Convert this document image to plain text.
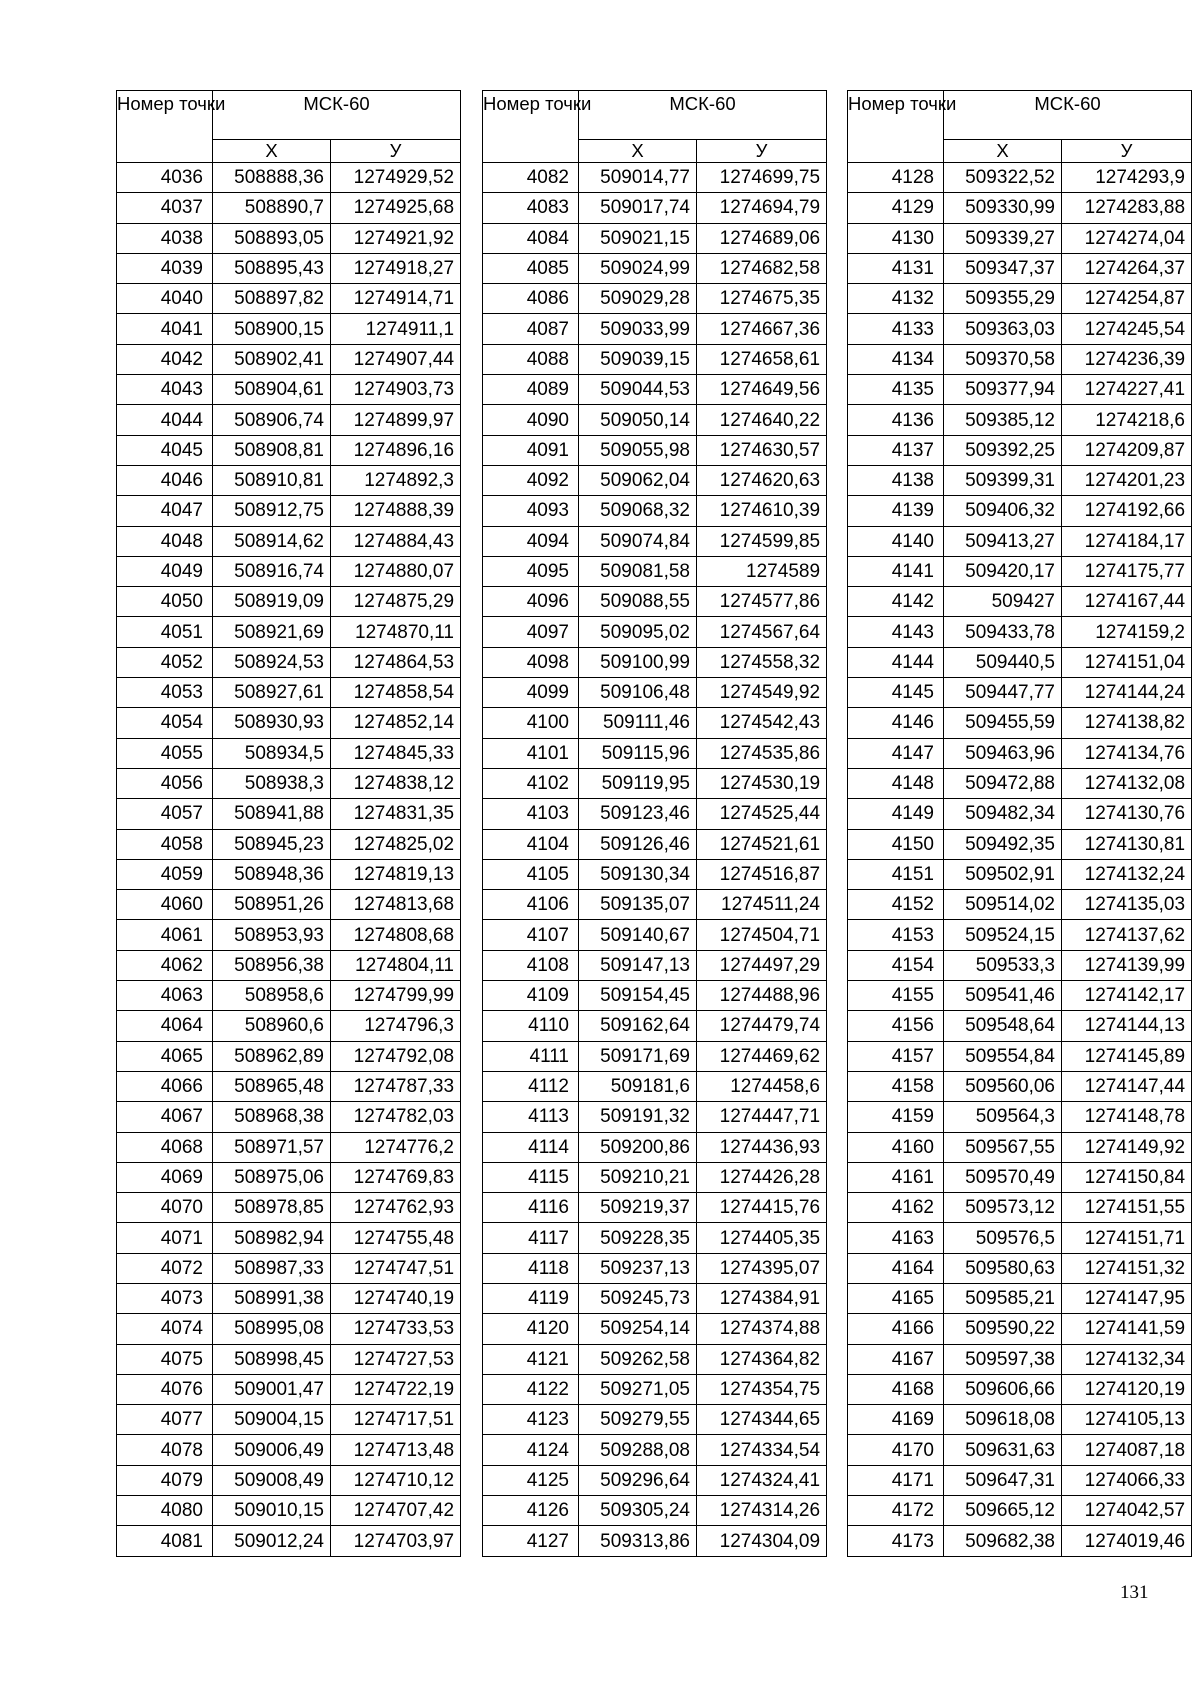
Номер точки	МСК-60	
	Х	У
4036	508888,36	1274929,52
4037	508890,7	1274925,68
4038	508893,05	1274921,92
4039	508895,43	1274918,27
4040	508897,82	1274914,71
4041	508900,15	1274911,1
4042	508902,41	1274907,44
4043	508904,61	1274903,73
4044	508906,74	1274899,97
4045	508908,81	1274896,16
4046	508910,81	1274892,3
4047	508912,75	1274888,39
4048	508914,62	1274884,43
4049	508916,74	1274880,07
4050	508919,09	1274875,29
4051	508921,69	1274870,11
4052	508924,53	1274864,53
4053	508927,61	1274858,54
4054	508930,93	1274852,14
4055	508934,5	1274845,33
4056	508938,3	1274838,12
4057	508941,88	1274831,35
4058	508945,23	1274825,02
4059	508948,36	1274819,13
4060	508951,26	1274813,68
4061	508953,93	1274808,68
4062	508956,38	1274804,11
4063	508958,6	1274799,99
4064	508960,6	1274796,3
4065	508962,89	1274792,08
4066	508965,48	1274787,33
4067	508968,38	1274782,03
4068	508971,57	1274776,2
4069	508975,06	1274769,83
4070	508978,85	1274762,93
4071	508982,94	1274755,48
4072	508987,33	1274747,51
4073	508991,38	1274740,19
4074	508995,08	1274733,53
4075	508998,45	1274727,53
4076	509001,47	1274722,19
4077	509004,15	1274717,51
4078	509006,49	1274713,48
4079	509008,49	1274710,12
4080	509010,15	1274707,42
4081	509012,24	1274703,97
Номер точки	МСК-60	
	Х	У
4082	509014,77	1274699,75
4083	509017,74	1274694,79
4084	509021,15	1274689,06
4085	509024,99	1274682,58
4086	509029,28	1274675,35
4087	509033,99	1274667,36
4088	509039,15	1274658,61
4089	509044,53	1274649,56
4090	509050,14	1274640,22
4091	509055,98	1274630,57
4092	509062,04	1274620,63
4093	509068,32	1274610,39
4094	509074,84	1274599,85
4095	509081,58	1274589
4096	509088,55	1274577,86
4097	509095,02	1274567,64
4098	509100,99	1274558,32
4099	509106,48	1274549,92
4100	509111,46	1274542,43
4101	509115,96	1274535,86
4102	509119,95	1274530,19
4103	509123,46	1274525,44
4104	509126,46	1274521,61
4105	509130,34	1274516,87
4106	509135,07	1274511,24
4107	509140,67	1274504,71
4108	509147,13	1274497,29
4109	509154,45	1274488,96
4110	509162,64	1274479,74
4111	509171,69	1274469,62
4112	509181,6	1274458,6
4113	509191,32	1274447,71
4114	509200,86	1274436,93
4115	509210,21	1274426,28
4116	509219,37	1274415,76
4117	509228,35	1274405,35
4118	509237,13	1274395,07
4119	509245,73	1274384,91
4120	509254,14	1274374,88
4121	509262,58	1274364,82
4122	509271,05	1274354,75
4123	509279,55	1274344,65
4124	509288,08	1274334,54
4125	509296,64	1274324,41
4126	509305,24	1274314,26
4127	509313,86	1274304,09
Номер точки	МСК-60	
	Х	У
4128	509322,52	1274293,9
4129	509330,99	1274283,88
4130	509339,27	1274274,04
4131	509347,37	1274264,37
4132	509355,29	1274254,87
4133	509363,03	1274245,54
4134	509370,58	1274236,39
4135	509377,94	1274227,41
4136	509385,12	1274218,6
4137	509392,25	1274209,87
4138	509399,31	1274201,23
4139	509406,32	1274192,66
4140	509413,27	1274184,17
4141	509420,17	1274175,77
4142	509427	1274167,44
4143	509433,78	1274159,2
4144	509440,5	1274151,04
4145	509447,77	1274144,24
4146	509455,59	1274138,82
4147	509463,96	1274134,76
4148	509472,88	1274132,08
4149	509482,34	1274130,76
4150	509492,35	1274130,81
4151	509502,91	1274132,24
4152	509514,02	1274135,03
4153	509524,15	1274137,62
4154	509533,3	1274139,99
4155	509541,46	1274142,17
4156	509548,64	1274144,13
4157	509554,84	1274145,89
4158	509560,06	1274147,44
4159	509564,3	1274148,78
4160	509567,55	1274149,92
4161	509570,49	1274150,84
4162	509573,12	1274151,55
4163	509576,5	1274151,71
4164	509580,63	1274151,32
4165	509585,21	1274147,95
4166	509590,22	1274141,59
4167	509597,38	1274132,34
4168	509606,66	1274120,19
4169	509618,08	1274105,13
4170	509631,63	1274087,18
4171	509647,31	1274066,33
4172	509665,12	1274042,57
4173	509682,38	1274019,46
131
